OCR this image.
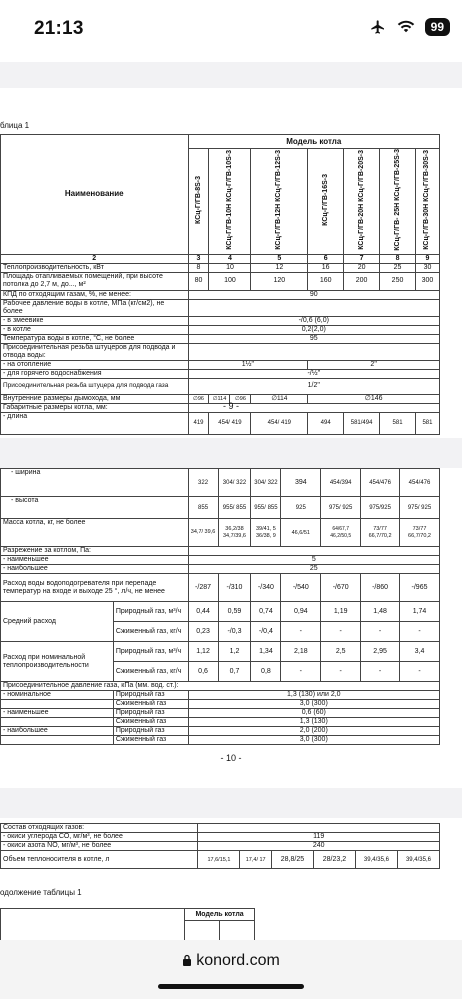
21:13	99
блица 1
Наименование	Модель котла							
	КСц-Г/ГВ-8S-3	КСц-Г/ГВ-10Н КСц-Г/ГВ-10S-3		КСц-Г/ГВ-12Н КСц-Г/ГВ-12S-3	КСц-Г/ГВ-16S-3	КСц-Г/ГВ-20Н КСц-Г/ГВ-20S-3	КСц-Г/ГВ- 25Н КСц-Г/ГВ-25S-3	КСц-Г/ГВ-30Н КСц-Г/ГВ-30S-3
2	3	4		5	6	7	8	9
Теплопроизводительность, кВт	8	10		12	16	20	25	30
Площадь отапливаемых помещений, при высоте потолка до 2,7 м, до..., м²	80	100		120	160	200	250	300
КПД по отходящим газам, %, не менее:	90							
Рабочее давление воды в котле, МПа (кг/см2), не более								
- в змеевике	-/0,6 (6,0)							
- в котле	0,2(2,0)							
Температура воды в котле, °С, не более	95							
Присоединительная резьба штуцеров для подвода и отвода воды:								
- на отопление	1½"				2"			
- для горячего водоснабжения	-/½"							
Присоединительная резьба штуцера для подвода газа	1/2"							
Внутренние размеры дымохода, мм	∅96	∅114	∅96	∅114	∅146			
Габаритные размеры котла, мм:								
- длина	419	454/ 419		454/ 419	494	581/494	581	581
- 9 -
- ширина		322	304/ 322	304/ 322	394	454/394	454/476	454/476
- высота		855	955/ 855	955/ 855	925	975/ 925	975/925	975/ 925
Масса котла, кг, не более		34,7/ 39,6	36,2/38 34,7/39,6	39/41, 5 36/38, 9	46,6/51	64/67,7 46,2/50,5	73/77 66,7/70,2	73/77 66,7/70,2
Разрежение за котлом, Па:								
- наименьшее		5						
- наибольшее		25						
Расход воды водоподогревателя при перепаде температур на входе и выходе 25 °, л/ч, не менее		-/287	-/310	-/340	-/540	-/670	-/860	-/965
Средний расход	Природный газ, м³/ч	0,44	0,59	0,74	0,94	1,19	1,48	1,74
	Сжиженный газ, кг/ч	0,23	-/0,3	-/0,4	-	-	-	-
Расход при номинальной теплопроизводительности	Природный газ, м³/ч	1,12	1,2	1,34	2,18	2,5	2,95	3,4
	Сжиженный газ, кг/ч	0,6	0,7	0,8	-	-	-	-
Присоединительное давление газа, кПа (мм. вод. ст.):								
- номинальное	Природный газ	1,3 (130) или 2,0						
	Сжиженный газ	3,0 (300)						
- наименьшее	Природный газ	0,6 (60)						
	Сжиженный газ	1,3 (130)						
- наибольшее	Природный газ	2,0 (200)						
	Сжиженный газ	3,0 (300)						
- 10 -
Состав отходящих газов:						
- окиси углерода СО, мг/м³, не более	119					
- окиси азота NO, мг/м³, не более	240					
Объем теплоносителя в котле, л	17,6/15,1	17,4/ 17	28,8/25	28/23,2	39,4/35,6	39,4/35,6
одолжение таблицы 1
	Модель котла	

konord.com
